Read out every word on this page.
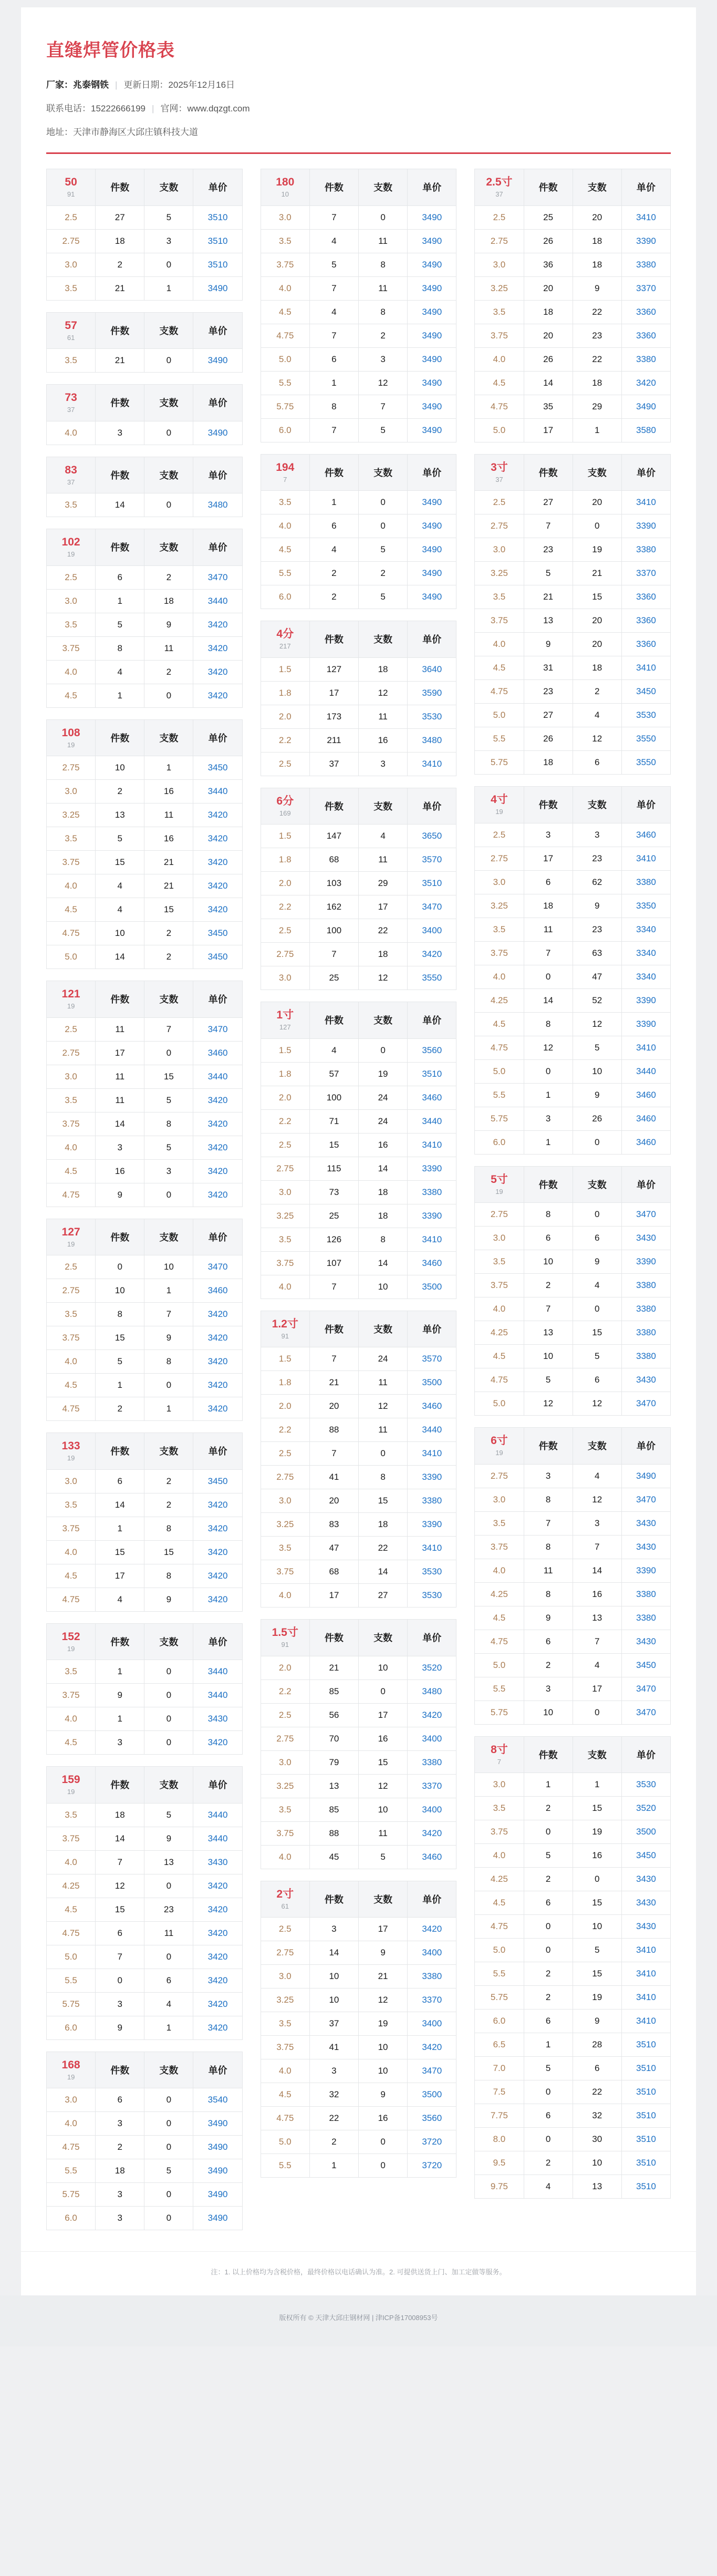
直缝焊管价格表

厂家：兆泰钢铁 | 更新日期：2025年12月16日

联系电话：15222666199 | 官网：www.dqzgt.com

地址：天津市静海区大邱庄镇科技大道

50
91	件数	支数	单价
2.5	27	5	3510
2.75	18	3	3510
3.0	2	0	3510
3.5	21	1	3490
57
61	件数	支数	单价
3.5	21	0	3490
73
37	件数	支数	单价
4.0	3	0	3490
83
37	件数	支数	单价
3.5	14	0	3480
102
19	件数	支数	单价
2.5	6	2	3470
3.0	1	18	3440
3.5	5	9	3420
3.75	8	11	3420
4.0	4	2	3420
4.5	1	0	3420
108
19	件数	支数	单价
2.75	10	1	3450
3.0	2	16	3440
3.25	13	11	3420
3.5	5	16	3420
3.75	15	21	3420
4.0	4	21	3420
4.5	4	15	3420
4.75	10	2	3450
5.0	14	2	3450
121
19	件数	支数	单价
2.5	11	7	3470
2.75	17	0	3460
3.0	11	15	3440
3.5	11	5	3420
3.75	14	8	3420
4.0	3	5	3420
4.5	16	3	3420
4.75	9	0	3420
127
19	件数	支数	单价
2.5	0	10	3470
2.75	10	1	3460
3.5	8	7	3420
3.75	15	9	3420
4.0	5	8	3420
4.5	1	0	3420
4.75	2	1	3420
133
19	件数	支数	单价
3.0	6	2	3450
3.5	14	2	3420
3.75	1	8	3420
4.0	15	15	3420
4.5	17	8	3420
4.75	4	9	3420
152
19	件数	支数	单价
3.5	1	0	3440
3.75	9	0	3440
4.0	1	0	3430
4.5	3	0	3420
159
19	件数	支数	单价
3.5	18	5	3440
3.75	14	9	3440
4.0	7	13	3430
4.25	12	0	3420
4.5	15	23	3420
4.75	6	11	3420
5.0	7	0	3420
5.5	0	6	3420
5.75	3	4	3420
6.0	9	1	3420
168
19	件数	支数	单价
3.0	6	0	3540
4.0	3	0	3490
4.75	2	0	3490
5.5	18	5	3490
5.75	3	0	3490
6.0	3	0	3490
180
10	件数	支数	单价
3.0	7	0	3490
3.5	4	11	3490
3.75	5	8	3490
4.0	7	11	3490
4.5	4	8	3490
4.75	7	2	3490
5.0	6	3	3490
5.5	1	12	3490
5.75	8	7	3490
6.0	7	5	3490
194
7	件数	支数	单价
3.5	1	0	3490
4.0	6	0	3490
4.5	4	5	3490
5.5	2	2	3490
6.0	2	5	3490
4分
217	件数	支数	单价
1.5	127	18	3640
1.8	17	12	3590
2.0	173	11	3530
2.2	211	16	3480
2.5	37	3	3410
6分
169	件数	支数	单价
1.5	147	4	3650
1.8	68	11	3570
2.0	103	29	3510
2.2	162	17	3470
2.5	100	22	3400
2.75	7	18	3420
3.0	25	12	3550
1寸
127	件数	支数	单价
1.5	4	0	3560
1.8	57	19	3510
2.0	100	24	3460
2.2	71	24	3440
2.5	15	16	3410
2.75	115	14	3390
3.0	73	18	3380
3.25	25	18	3390
3.5	126	8	3410
3.75	107	14	3460
4.0	7	10	3500
1.2寸
91	件数	支数	单价
1.5	7	24	3570
1.8	21	11	3500
2.0	20	12	3460
2.2	88	11	3440
2.5	7	0	3410
2.75	41	8	3390
3.0	20	15	3380
3.25	83	18	3390
3.5	47	22	3410
3.75	68	14	3530
4.0	17	27	3530
1.5寸
91	件数	支数	单价
2.0	21	10	3520
2.2	85	0	3480
2.5	56	17	3420
2.75	70	16	3400
3.0	79	15	3380
3.25	13	12	3370
3.5	85	10	3400
3.75	88	11	3420
4.0	45	5	3460
2寸
61	件数	支数	单价
2.5	3	17	3420
2.75	14	9	3400
3.0	10	21	3380
3.25	10	12	3370
3.5	37	19	3400
3.75	41	10	3420
4.0	3	10	3470
4.5	32	9	3500
4.75	22	16	3560
5.0	2	0	3720
5.5	1	0	3720
2.5寸
37	件数	支数	单价
2.5	25	20	3410
2.75	26	18	3390
3.0	36	18	3380
3.25	20	9	3370
3.5	18	22	3360
3.75	20	23	3360
4.0	26	22	3380
4.5	14	18	3420
4.75	35	29	3490
5.0	17	1	3580
3寸
37	件数	支数	单价
2.5	27	20	3410
2.75	7	0	3390
3.0	23	19	3380
3.25	5	21	3370
3.5	21	15	3360
3.75	13	20	3360
4.0	9	20	3360
4.5	31	18	3410
4.75	23	2	3450
5.0	27	4	3530
5.5	26	12	3550
5.75	18	6	3550
4寸
19	件数	支数	单价
2.5	3	3	3460
2.75	17	23	3410
3.0	6	62	3380
3.25	18	9	3350
3.5	11	23	3340
3.75	7	63	3340
4.0	0	47	3340
4.25	14	52	3390
4.5	8	12	3390
4.75	12	5	3410
5.0	0	10	3440
5.5	1	9	3460
5.75	3	26	3460
6.0	1	0	3460
5寸
19	件数	支数	单价
2.75	8	0	3470
3.0	6	6	3430
3.5	10	9	3390
3.75	2	4	3380
4.0	7	0	3380
4.25	13	15	3380
4.5	10	5	3380
4.75	5	6	3430
5.0	12	12	3470
6寸
19	件数	支数	单价
2.75	3	4	3490
3.0	8	12	3470
3.5	7	3	3430
3.75	8	7	3430
4.0	11	14	3390
4.25	8	16	3380
4.5	9	13	3380
4.75	6	7	3430
5.0	2	4	3450
5.5	3	17	3470
5.75	10	0	3470
8寸
7	件数	支数	单价
3.0	1	1	3530
3.5	2	15	3520
3.75	0	19	3500
4.0	5	16	3450
4.25	2	0	3430
4.5	6	15	3430
4.75	0	10	3430
5.0	0	5	3410
5.5	2	15	3410
5.75	2	19	3410
6.0	6	9	3410
6.5	1	28	3510
7.0	5	6	3510
7.5	0	22	3510
7.75	6	32	3510
8.0	0	30	3510
9.5	2	10	3510
9.75	4	13	3510

注：1. 以上价格均为含税价格，最终价格以电话确认为准。2. 可提供送货上门、加工定做等服务。

版权所有 © 天津大邱庄钢材网 | 津ICP备17008953号
